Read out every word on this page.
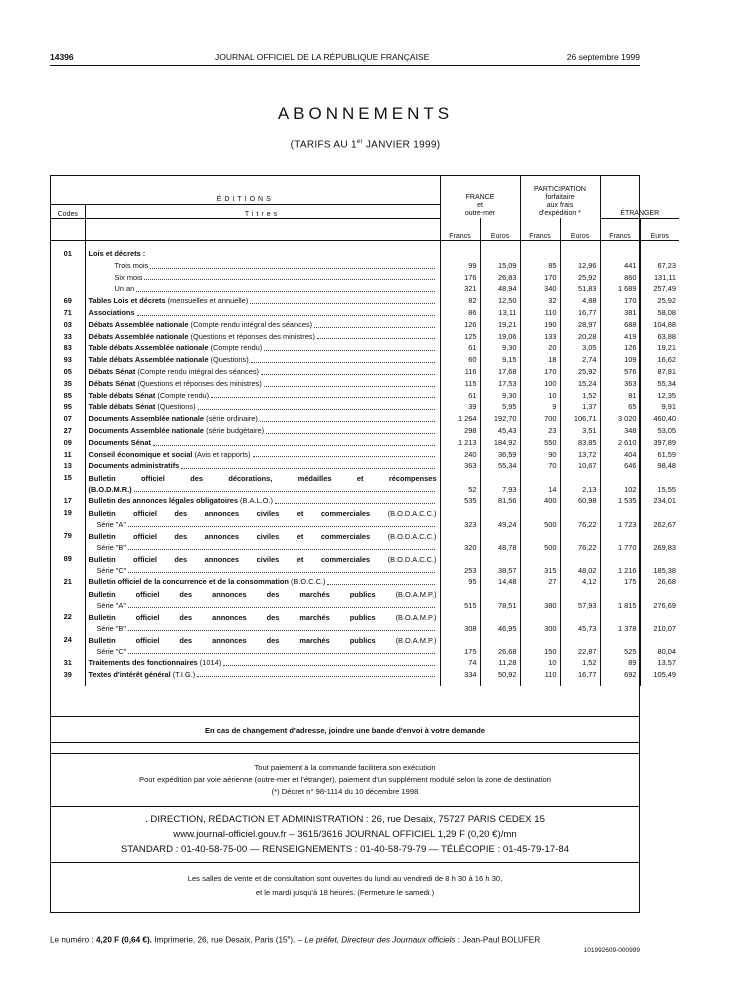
14396	JOURNAL OFFICIEL DE LA RÉPUBLIQUE FRANÇAISE	26 septembre 1999
ABONNEMENTS
(TARIFS AU 1er JANVIER 1999)
ÉDITIONS		FRANCE
et
outre-mer		PARTICIPATION
forfaitaire
aux frais
d'expédition *		ÉTRANGER	
Codes	Titres						
		Francs	Euros	Francs	Euros	Francs	Euros

01	Lois et décrets :						

	Trois mois	99	15,09	85	12,96	441	67,23

	Six mois	176	26,83	170	25,92	860	131,11

	Un an	321	48,94	340	51,83	1 689	257,49
69	Tables Lois et décrets (mensuelles et annuelle)	82	12,50	32	4,88	170	25,92
71	Associations	86	13,11	110	16,77	381	58,08
03	Débats Assemblée nationale (Compte rendu intégral des séances)	126	19,21	190	28,97	688	104,88
33	Débats Assemblée nationale (Questions et réponses des ministres)	125	19,06	133	20,28	419	63,88
83	Table débats Assemblée nationale (Compte rendu)	61	9,30	20	3,05	126	19,21
93	Table débats Assemblée nationale (Questions)	60	9,15	18	2,74	109	16,62
05	Débats Sénat (Compte rendu intégral des séances)	116	17,68	170	25,92	576	87,81
35	Débats Sénat (Questions et réponses des ministres)	115	17,53	100	15,24	363	55,34
85	Table débats Sénat (Compte rendu)	61	9,30	10	1,52	81	12,35
95	Table débats Sénat (Questions)	39	5,95	9	1,37	65	9,91
07	Documents Assemblée nationale (série ordinaire)	1 264	192,70	700	106,71	3 020	460,40
27	Documents Assemblée nationale (série budgétaire)	298	45,43	23	3,51	348	53,05
09	Documents Sénat	1 213	184,92	550	83,85	2 610	397,89
11	Conseil économique et social (Avis et rapports)	240	36,59	90	13,72	404	61,59
13	Documents administratifs	363	55,34	70	10,67	646	98,48
15	Bulletin officiel des décorations, médailles et récompenses
(B.O.D.M.R.)	52	7,93	14	2,13	102	15,55
17	Bulletin des annonces légales obligatoires (B.A.L.O.)	535	81,56	400	60,98	1 535	234,01
19	Bulletin officiel des annonces civiles et commerciales (B.O.D.A.C.C.)
Série "A"	323	49,24	500	76,22	1 723	262,67
79	Bulletin officiel des annonces civiles et commerciales (B.O.D.A.C.C.)
Série "B"	320	48,78	500	76,22	1 770	269,83
89	Bulletin officiel des annonces civiles et commerciales (B.O.D.A.C.C.)
Série "C"	253	38,57	315	48,02	1 216	185,38
21	Bulletin officiel de la concurrence et de la consommation (B.O.C.C.)	95	14,48	27	4,12	175	26,68

	Bulletin officiel des annonces des marchés publics (B.O.A.M.P.)
Série "A"	515	78,51	380	57,93	1 815	276,69
22	Bulletin officiel des annonces des marchés publics (B.O.A.M.P.)
Série "B"	308	46,95	300	45,73	1 378	210,07
24	Bulletin officiel des annonces des marchés publics (B.O.A.M.P.)
Série "C"	175	26,68	150	22,87	525	80,04
31	Traitements des fonctionnaires (1014)	74	11,28	10	1,52	89	13,57
39	Textes d'intérêt général (T.I.G.)	334	50,92	110	16,77	692	105,49

En cas de changement d'adresse, joindre une bande d'envoi à votre demande

Tout paiement à la commande facilitera son exécution

Pour expédition par voie aérienne (outre-mer et l'étranger), paiement d'un supplément modulé selon la zone de destination

(*) Décret n° 98-1114 du 10 décembre 1998

. DIRECTION, RÉDACTION ET ADMINISTRATION : 26, rue Desaix, 75727 PARIS CEDEX 15

www.journal-officiel.gouv.fr – 3615/3616 JOURNAL OFFICIEL 1,29 F (0,20 €)/mn

STANDARD : 01-40-58-75-00 — RENSEIGNEMENTS : 01-40-58-79-79 — TÉLÉCOPIE : 01-45-79-17-84

Les salles de vente et de consultation sont ouvertes du lundi au vendredi de 8 h 30 à 16 h 30,

et le mardi jusqu'à 18 heures. (Fermeture le samedi.)

Le numéro : 4,20 F (0,64 €). Imprimerie, 26, rue Desaix, Paris (15e). – Le préfet, Directeur des Journaux officiels : Jean-Paul BOLUFER
101992609-000999
